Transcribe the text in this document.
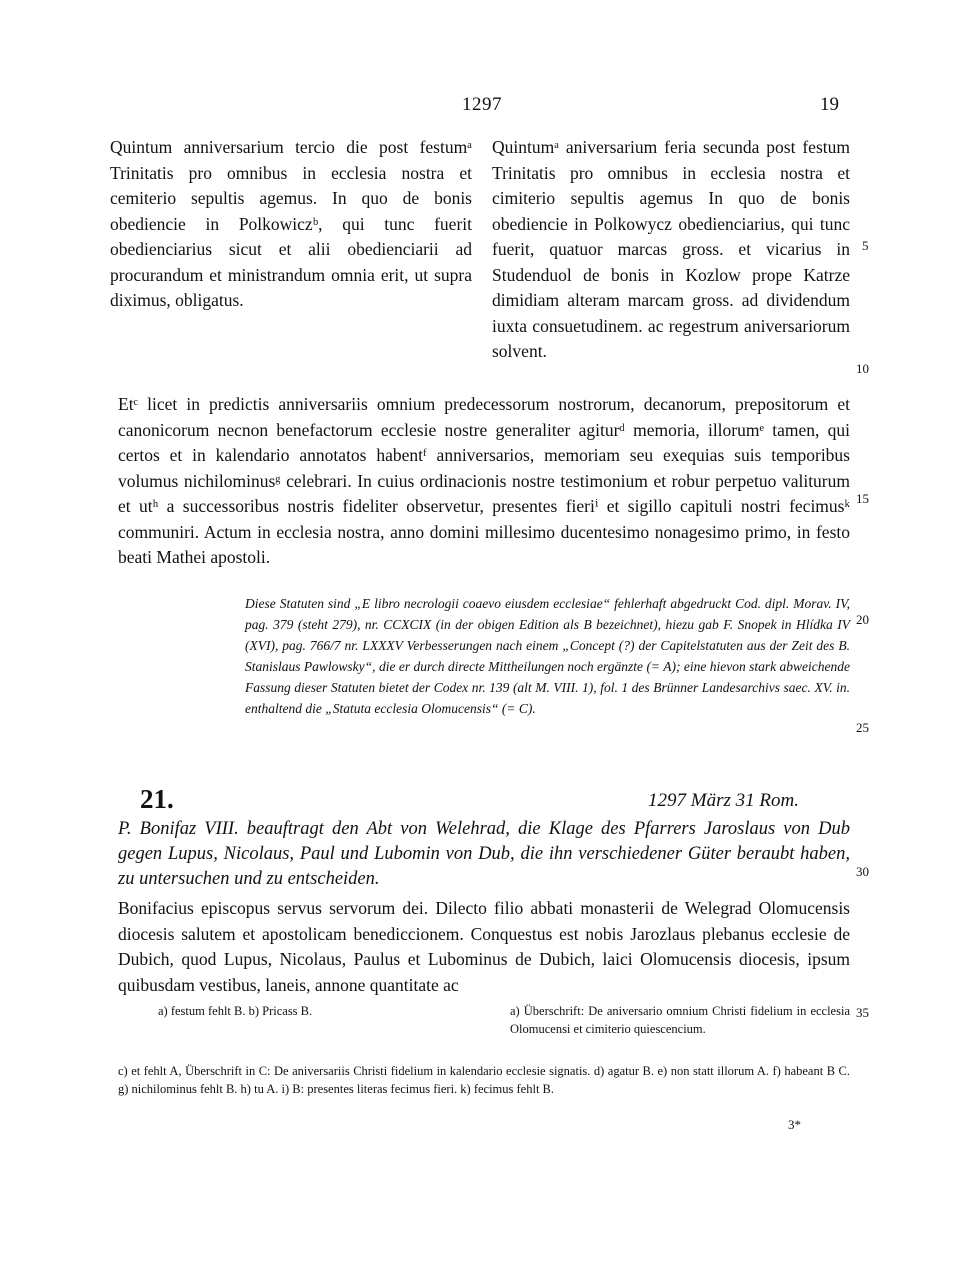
1297	19

Quintum anniversarium tercio die post festumᵃ Trinitatis pro omnibus in ecclesia nostra et cemiterio sepultis agemus. In quo de bonis obediencie in Polkowiczᵇ, qui tunc fuerit obedienciarius sicut et alii obedienciarii ad procurandum et ministrandum omnia erit, ut supra diximus, obligatus.

Quintumᵃ aniversarium feria secunda post festum Trinitatis pro omnibus in ecclesia nostra et cimiterio sepultis agemus In quo de bonis obediencie in Polkowycz obedienciarius, qui tunc fuerit, quatuor marcas gross. et vicarius in Studenduol de bonis in Kozlow prope Katrze dimidiam alteram marcam gross. ad dividendum iuxta consuetudinem. ac regestrum aniversariorum solvent.

5
10
15
20
25
30
35

Etᶜ licet in predictis anniversariis omnium predecessorum nostrorum, decanorum, prepositorum et canonicorum necnon benefactorum ecclesie nostre generaliter agiturᵈ memoria, illorumᵉ tamen, qui certos et in kalendario annotatos habentᶠ anniversarios, memoriam seu exequias suis temporibus volumus nichilominusᵍ celebrari. In cuius ordinacionis nostre testimonium et robur perpetuo valiturum et utʰ a successoribus nostris fideliter observetur, presentes fieriⁱ et sigillo capituli nostri fecimusᵏ communiri. Actum in ecclesia nostra, anno domini millesimo ducentesimo nonagesimo primo, in festo beati Mathei apostoli.

Diese Statuten sind „E libro necrologii coaevo eiusdem ecclesiae“ fehlerhaft abgedruckt Cod. dipl. Morav. IV, pag. 379 (steht 279), nr. CCXCIX (in der obigen Edition als B bezeichnet), hiezu gab F. Snopek in Hlídka IV (XVI), pag. 766/7 nr. LXXXV Verbesserungen nach einem „Concept (?) der Capitelstatuten aus der Zeit des B. Stanislaus Pawlowsky“, die er durch directe Mittheilungen noch ergänzte (= A); eine hievon stark abweichende Fassung dieser Statuten bietet der Codex nr. 139 (alt M. VIII. 1), fol. 1 des Brünner Landesarchivs saec. XV. in. enthaltend die „Statuta ecclesia Olomucensis“ (= C).

21.	1297 März 31 Rom.

P. Bonifaz VIII. beauftragt den Abt von Welehrad, die Klage des Pfarrers Jaroslaus von Dub gegen Lupus, Nicolaus, Paul und Lubomin von Dub, die ihn verschiedener Güter beraubt haben, zu untersuchen und zu entscheiden.

Bonifacius episcopus servus servorum dei. Dilecto filio abbati monasterii de Welegrad Olomucensis diocesis salutem et apostolicam benediccionem. Conquestus est nobis Jarozlaus plebanus ecclesie de Dubich, quod Lupus, Nicolaus, Paulus et Lubominus de Dubich, laici Olomucensis diocesis, ipsum quibusdam vestibus, laneis, annone quantitate ac

a) festum fehlt B. b) Pricass B.	a) Überschrift: De aniversario omnium Christi fidelium in ecclesia Olomucensi et cimiterio quiescencium.

c) et fehlt A, Überschrift in C: De aniversariis Christi fidelium in kalendario ecclesie signatis. d) agatur B. e) non statt illorum A. f) habeant B C. g) nichilominus fehlt B. h) tu A. i) B: presentes literas fecimus fieri. k) fecimus fehlt B.

3*
